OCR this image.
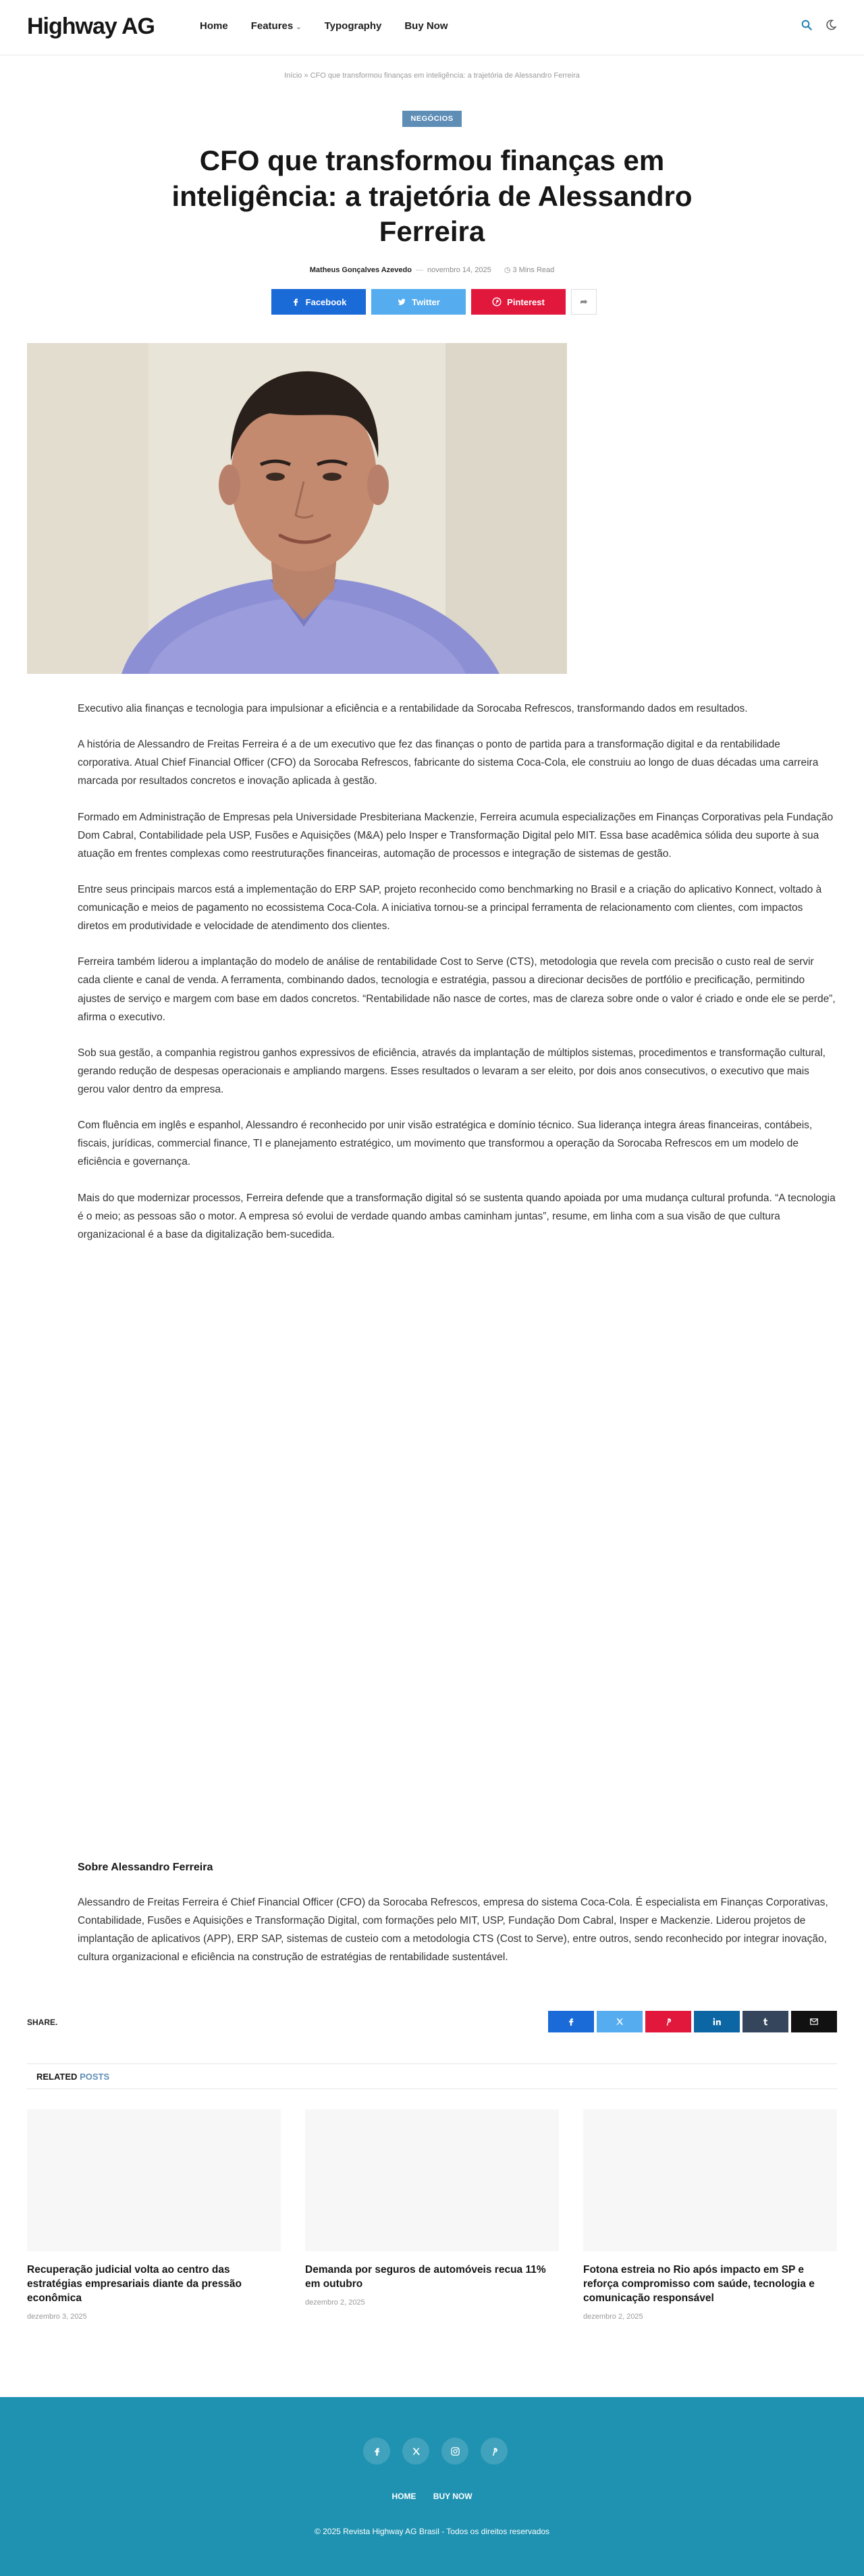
Highway AG	Home Features ⌄ Typography Buy Now
Início » CFO que transformou finanças em inteligência: a trajetória de Alessandro Ferreira
NEGÓCIOS
CFO que transformou finanças em inteligência: a trajetória de Alessandro Ferreira
Matheus Gonçalves Azevedo — novembro 14, 2025 ◷ 3 Mins Read
Facebook	Twitter	Pinterest	➦

Executivo alia finanças e tecnologia para impulsionar a eficiência e a rentabilidade da Sorocaba Refrescos, transformando dados em resultados.

A história de Alessandro de Freitas Ferreira é a de um executivo que fez das finanças o ponto de partida para a transformação digital e da rentabilidade corporativa. Atual Chief Financial Officer (CFO) da Sorocaba Refrescos, fabricante do sistema Coca-Cola, ele construiu ao longo de duas décadas uma carreira marcada por resultados concretos e inovação aplicada à gestão.

Formado em Administração de Empresas pela Universidade Presbiteriana Mackenzie, Ferreira acumula especializações em Finanças Corporativas pela Fundação Dom Cabral, Contabilidade pela USP, Fusões e Aquisições (M&A) pelo Insper e Transformação Digital pelo MIT. Essa base acadêmica sólida deu suporte à sua atuação em frentes complexas como reestruturações financeiras, automação de processos e integração de sistemas de gestão.

Entre seus principais marcos está a implementação do ERP SAP, projeto reconhecido como benchmarking no Brasil e a criação do aplicativo Konnect, voltado à comunicação e meios de pagamento no ecossistema Coca-Cola. A iniciativa tornou-se a principal ferramenta de relacionamento com clientes, com impactos diretos em produtividade e velocidade de atendimento dos clientes.

Ferreira também liderou a implantação do modelo de análise de rentabilidade Cost to Serve (CTS), metodologia que revela com precisão o custo real de servir cada cliente e canal de venda. A ferramenta, combinando dados, tecnologia e estratégia, passou a direcionar decisões de portfólio e precificação, permitindo ajustes de serviço e margem com base em dados concretos. “Rentabilidade não nasce de cortes, mas de clareza sobre onde o valor é criado e onde ele se perde”, afirma o executivo.

Sob sua gestão, a companhia registrou ganhos expressivos de eficiência, através da implantação de múltiplos sistemas, procedimentos e transformação cultural, gerando redução de despesas operacionais e ampliando margens. Esses resultados o levaram a ser eleito, por dois anos consecutivos, o executivo que mais gerou valor dentro da empresa.

Com fluência em inglês e espanhol, Alessandro é reconhecido por unir visão estratégica e domínio técnico. Sua liderança integra áreas financeiras, contábeis, fiscais, jurídicas, commercial finance, TI e planejamento estratégico, um movimento que transformou a operação da Sorocaba Refrescos em um modelo de eficiência e governança.

Mais do que modernizar processos, Ferreira defende que a transformação digital só se sustenta quando apoiada por uma mudança cultural profunda. “A tecnologia é o meio; as pessoas são o motor. A empresa só evolui de verdade quando ambas caminham juntas”, resume, em linha com a sua visão de que cultura organizacional é a base da digitalização bem-sucedida.

Sobre Alessandro Ferreira

Alessandro de Freitas Ferreira é Chief Financial Officer (CFO) da Sorocaba Refrescos, empresa do sistema Coca-Cola. É especialista em Finanças Corporativas, Contabilidade, Fusões e Aquisições e Transformação Digital, com formações pelo MIT, USP, Fundação Dom Cabral, Insper e Mackenzie. Liderou projetos de implantação de aplicativos (APP), ERP SAP, sistemas de custeio com a metodologia CTS (Cost to Serve), entre outros, sendo reconhecido por integrar inovação, cultura organizacional e eficiência na construção de estratégias de rentabilidade sustentável.

SHARE.
RELATED POSTS
Recuperação judicial volta ao centro das estratégias empresariais diante da pressão econômica
dezembro 3, 2025
Demanda por seguros de automóveis recua 11% em outubro
dezembro 2, 2025
Fotona estreia no Rio após impacto em SP e reforça compromisso com saúde, tecnologia e comunicação responsável
dezembro 2, 2025
HOME BUY NOW
© 2025 Revista Highway AG Brasil - Todos os direitos reservados
